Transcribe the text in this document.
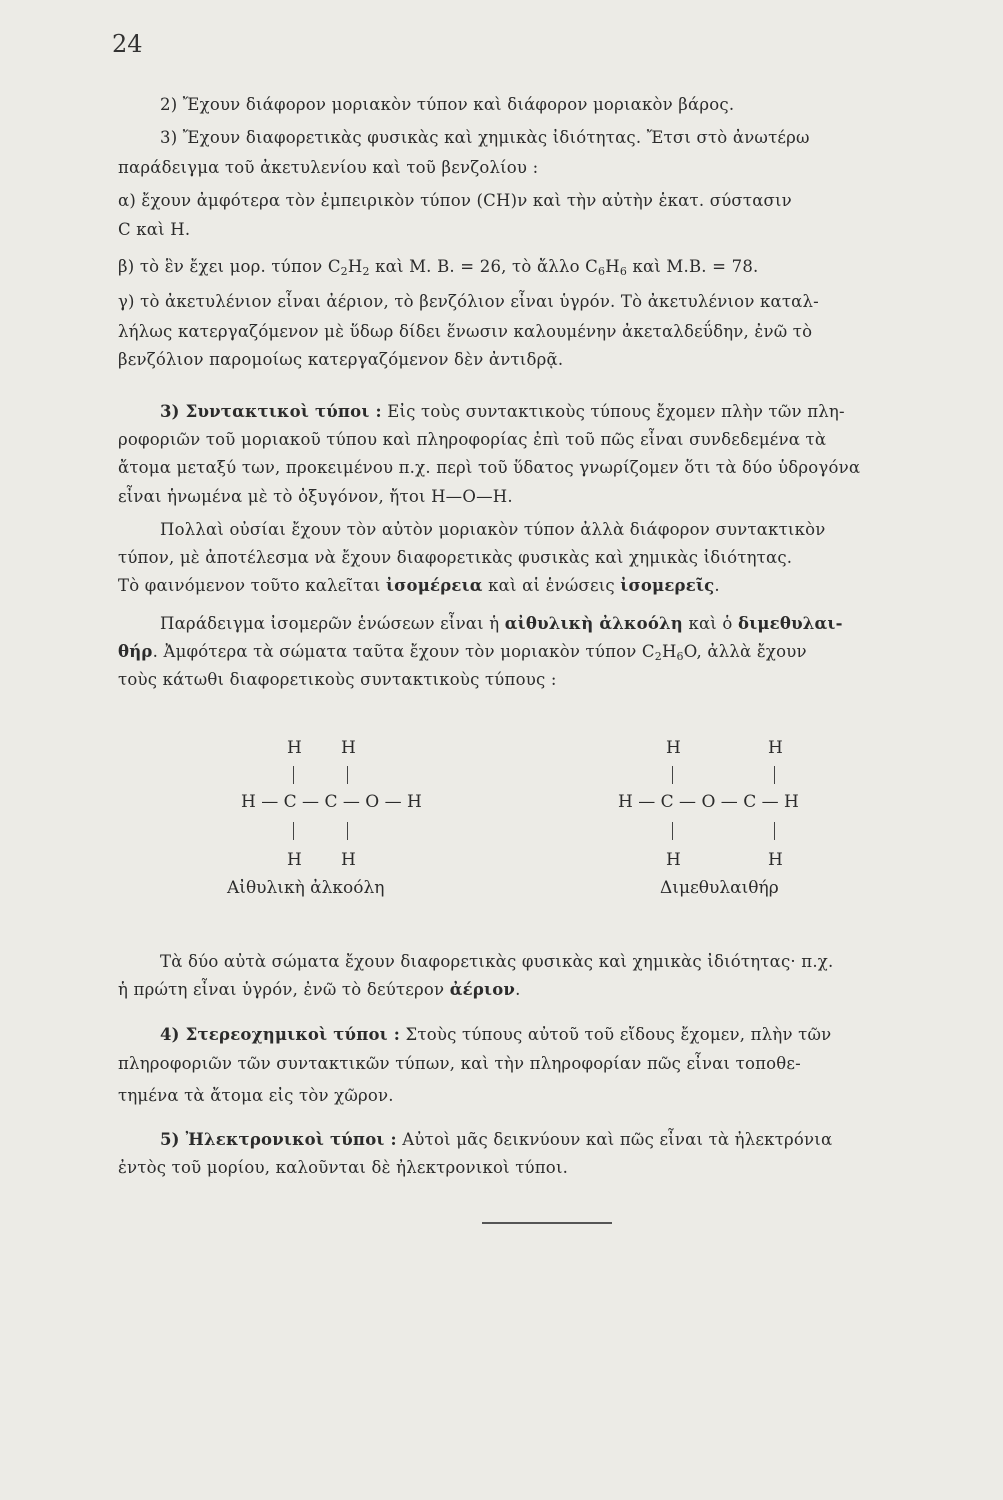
24
2) Ἔχουν διάφορον μοριακὸν τύπον καὶ διάφορον μοριακὸν βάρος.
3) Ἔχουν διαφορετικὰς φυσικὰς καὶ χημικὰς ἰδιότητας. Ἔτσι στὸ ἀνωτέρω
παράδειγμα τοῦ ἀκετυλενίου καὶ τοῦ βενζολίου :
α) ἔχουν ἀμφότερα τὸν ἐμπειρικὸν τύπον (CH)ν καὶ τὴν αὐτὴν ἑκατ. σύστασιν
C καὶ H.
β) τὸ ἓν ἔχει μορ. τύπον $C_2H_2$ καὶ M. B. = 26, τὸ ἄλλο $C_6H_6$ καὶ M.B. = 78.
γ) τὸ ἀκετυλένιον εἶναι ἀέριον, τὸ βενζόλιον εἶναι ὑγρόν. Τὸ ἀκετυλένιον καταλ-
λήλως κατεργαζόμενον μὲ ὕδωρ δίδει ἕνωσιν καλουμένην ἀκεταλδεΰδην, ἐνῶ τὸ
βενζόλιον παρομοίως κατεργαζόμενον δὲν ἀντιδρᾷ.
3) Συντακτικοὶ τύποι : Εἰς τοὺς συντακτικοὺς τύπους ἔχομεν πλὴν τῶν πλη-
ροφοριῶν τοῦ μοριακοῦ τύπου καὶ πληροφορίας ἐπὶ τοῦ πῶς εἶναι συνδεδεμένα τὰ
ἄτομα μεταξύ των, προκειμένου π.χ. περὶ τοῦ ὕδατος γνωρίζομεν ὅτι τὰ δύο ὑδρογόνα
εἶναι ἡνωμένα μὲ τὸ ὀξυγόνον, ἤτοι H—O—H.
Πολλαὶ οὐσίαι ἔχουν τὸν αὐτὸν μοριακὸν τύπον ἀλλὰ διάφορον συντακτικὸν
τύπον, μὲ ἀποτέλεσμα νὰ ἔχουν διαφορετικὰς φυσικὰς καὶ χημικὰς ἰδιότητας.
Τὸ φαινόμενον τοῦτο καλεῖται ἰσομέρεια καὶ αἱ ἑνώσεις ἰσομερεῖς.
Παράδειγμα ἰσομερῶν ἑνώσεων εἶναι ἡ αἰθυλικὴ ἀλκοόλη καὶ ὁ διμεθυλαι-
θήρ. Ἀμφότερα τὰ σώματα ταῦτα ἔχουν τὸν μοριακὸν τύπον $C_2H_6O$, ἀλλὰ ἔχουν
τοὺς κάτωθι διαφορετικοὺς συντακτικοὺς τύπους :
H H
H — C — C — O — H
H H
Αἰθυλικὴ ἀλκοόλη
H	H
H — C — O — C — H
H	H
Διμεθυλαιθήρ
Τὰ δύο αὐτὰ σώματα ἔχουν διαφορετικὰς φυσικὰς καὶ χημικὰς ἰδιότητας· π.χ.
ἡ πρώτη εἶναι ὑγρόν, ἐνῶ τὸ δεύτερον ἀέριον.
4) Στερεοχημικοὶ τύποι : Στοὺς τύπους αὐτοῦ τοῦ εἴδους ἔχομεν, πλὴν τῶν
πληροφοριῶν τῶν συντακτικῶν τύπων, καὶ τὴν πληροφορίαν πῶς εἶναι τοποθε-
τημένα τὰ ἄτομα εἰς τὸν χῶρον.
5) Ἠλεκτρονικοὶ τύποι : Αὐτοὶ μᾶς δεικνύουν καὶ πῶς εἶναι τὰ ἠλεκτρόνια
ἐντὸς τοῦ μορίου, καλοῦνται δὲ ἠλεκτρονικοὶ τύποι.
